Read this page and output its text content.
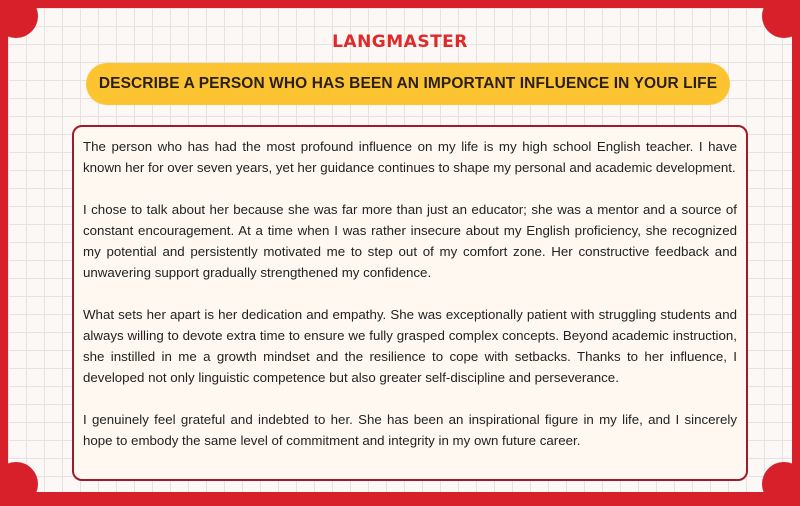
LANGMASTER
DESCRIBE A PERSON WHO HAS BEEN AN IMPORTANT INFLUENCE IN YOUR LIFE

The person who has had the most profound influence on my life is my high school English teacher. I have known her for over seven years, yet her guidance continues to shape my personal and academic development.

I chose to talk about her because she was far more than just an educator; she was a mentor and a source of constant encouragement. At a time when I was rather insecure about my English proficiency, she recognized my potential and persistently motivated me to step out of my comfort zone. Her constructive feedback and unwavering support gradually strengthened my confidence.

What sets her apart is her dedication and empathy. She was exceptionally patient with struggling students and always willing to devote extra time to ensure we fully grasped complex concepts. Beyond academic instruction, she instilled in me a growth mindset and the resilience to cope with setbacks. Thanks to her influence, I developed not only linguistic competence but also greater self-discipline and perseverance.

I genuinely feel grateful and indebted to her. She has been an inspirational figure in my life, and I sincerely hope to embody the same level of commitment and integrity in my own future career.
